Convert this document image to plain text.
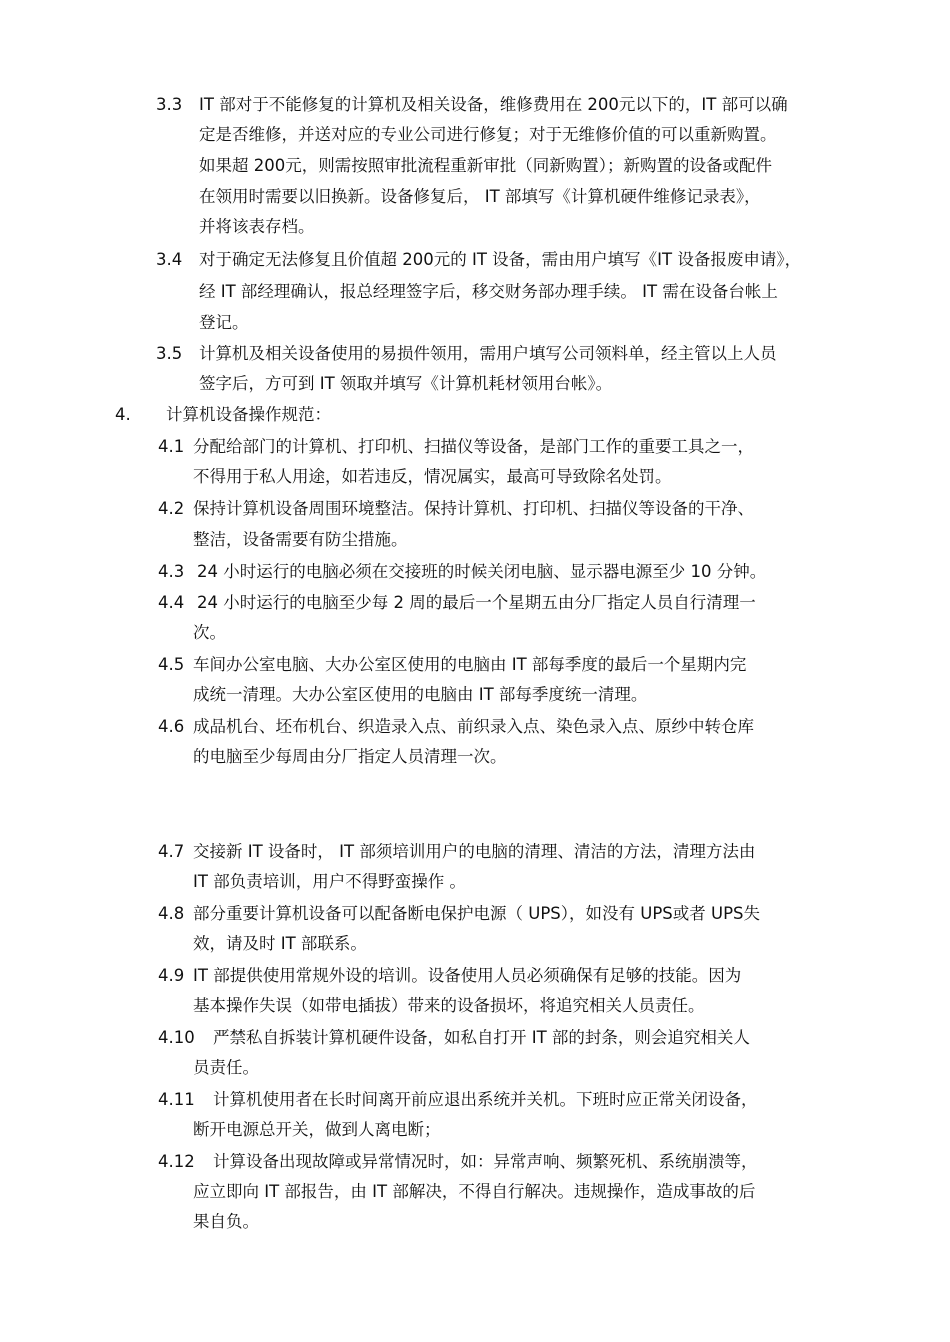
3.3 IT 部对于不能修复的计算机及相关设备，维修费用在 200元以下的，IT 部可以确
定是否维修，并送对应的专业公司进行修复；对于无维修价值的可以重新购置。
如果超 200元，则需按照审批流程重新审批（同新购置）；新购置的设备或配件
在领用时需要以旧换新。设备修复后， IT 部填写《计算机硬件维修记录表》，
并将该表存档。
3.4 对于确定无法修复且价值超 200元的 IT 设备，需由用户填写《IT 设备报废申请》，
经 IT 部经理确认，报总经理签字后，移交财务部办理手续。 IT 需在设备台帐上
登记。
3.5 计算机及相关设备使用的易损件领用，需用户填写公司领料单，经主管以上人员
签字后，方可到 IT 领取并填写《计算机耗材领用台帐》。
4. 计算机设备操作规范：
4.1 分配给部门的计算机、打印机、扫描仪等设备，是部门工作的重要工具之一，
不得用于私人用途，如若违反，情况属实，最高可导致除名处罚。
4.2 保持计算机设备周围环境整洁。保持计算机、打印机、扫描仪等设备的干净、
整洁，设备需要有防尘措施。
4.3 24 小时运行的电脑必须在交接班的时候关闭电脑、显示器电源至少 10 分钟。
4.4 24 小时运行的电脑至少每 2 周的最后一个星期五由分厂指定人员自行清理一
次。
4.5 车间办公室电脑、大办公室区使用的电脑由 IT 部每季度的最后一个星期内完
成统一清理。大办公室区使用的电脑由 IT 部每季度统一清理。
4.6 成品机台、坯布机台、织造录入点、前织录入点、染色录入点、原纱中转仓库
的电脑至少每周由分厂指定人员清理一次。
4.7 交接新 IT 设备时， IT 部须培训用户的电脑的清理、清洁的方法，清理方法由
IT 部负责培训，用户不得野蛮操作 。
4.8 部分重要计算机设备可以配备断电保护电源（ UPS），如没有 UPS或者 UPS失
效，请及时 IT 部联系。
4.9 IT 部提供使用常规外设的培训。设备使用人员必须确保有足够的技能。因为
基本操作失误（如带电插拔）带来的设备损坏，将追究相关人员责任。
4.10 严禁私自拆装计算机硬件设备，如私自打开 IT 部的封条，则会追究相关人
员责任。
4.11 计算机使用者在长时间离开前应退出系统并关机。下班时应正常关闭设备，
断开电源总开关，做到人离电断；
4.12 计算设备出现故障或异常情况时，如：异常声响、频繁死机、系统崩溃等，
应立即向 IT 部报告，由 IT 部解决，不得自行解决。违规操作，造成事故的后
果自负。
